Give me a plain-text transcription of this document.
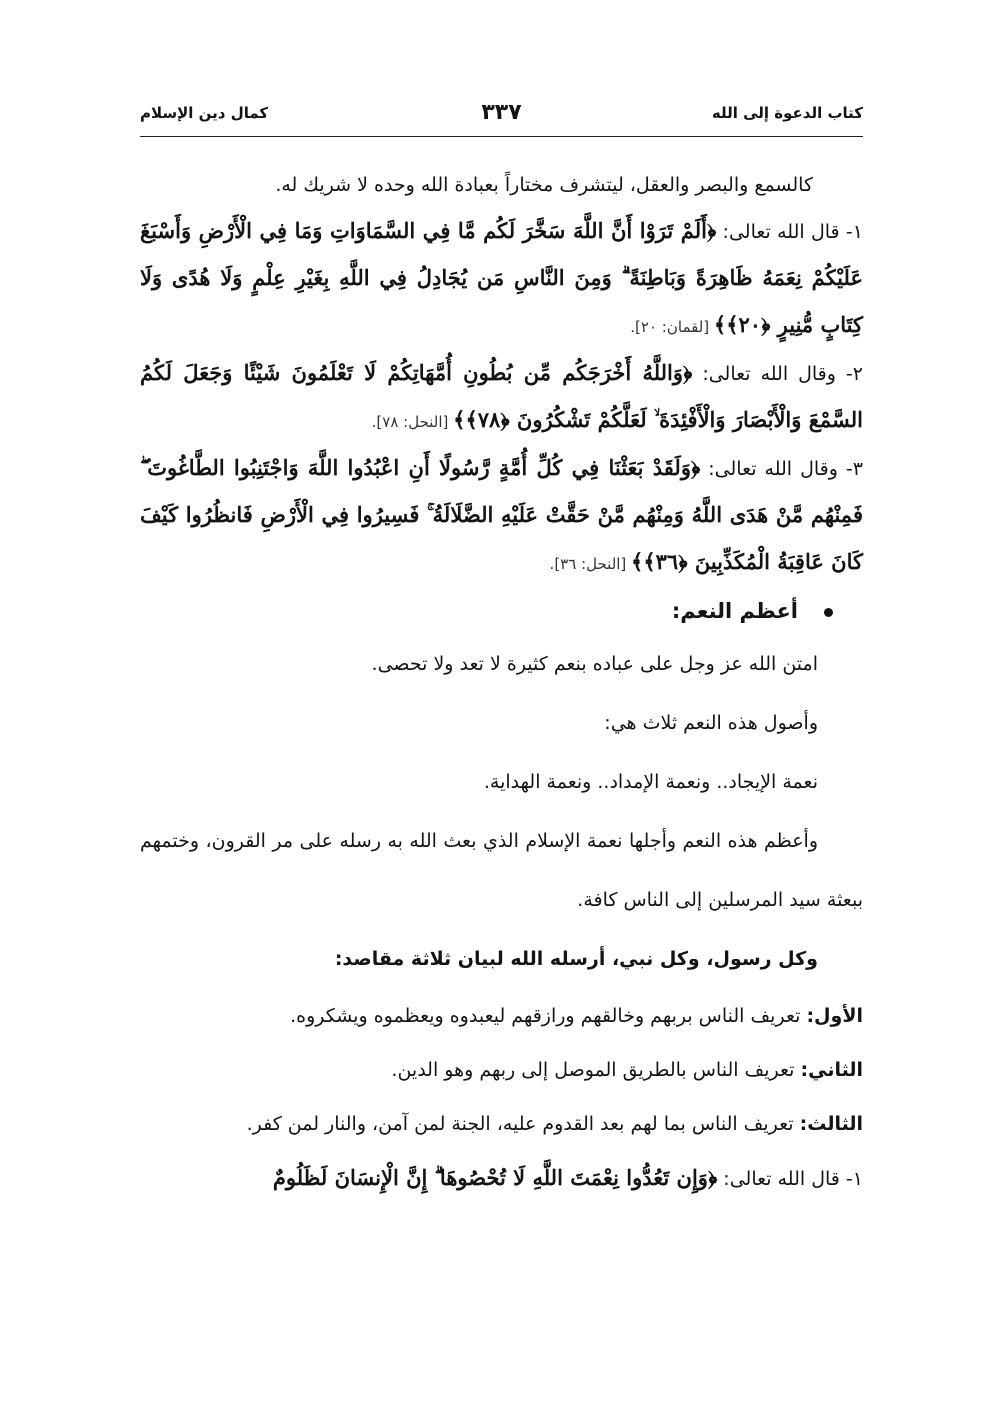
كتاب الدعوة إلى الله
٣٣٧
كمال دين الإسلام

كالسمع والبصر والعقل، ليتشرف مختاراً بعبادة الله وحده لا شريك له.

١- قال الله تعالى: ﴿أَلَمْ تَرَوْا أَنَّ اللَّهَ سَخَّرَ لَكُم مَّا فِي السَّمَاوَاتِ وَمَا فِي الْأَرْضِ وَأَسْبَغَ عَلَيْكُمْ نِعَمَهُ ظَاهِرَةً وَبَاطِنَةً ۗ وَمِنَ النَّاسِ مَن يُجَادِلُ فِي اللَّهِ بِغَيْرِ عِلْمٍ وَلَا هُدًى وَلَا كِتَابٍ مُّنِيرٍ ﴿٢٠﴾﴾ [لقمان: ٢٠].

٢- وقال الله تعالى: ﴿وَاللَّهُ أَخْرَجَكُم مِّن بُطُونِ أُمَّهَاتِكُمْ لَا تَعْلَمُونَ شَيْئًا وَجَعَلَ لَكُمُ السَّمْعَ وَالْأَبْصَارَ وَالْأَفْئِدَةَ ۙ لَعَلَّكُمْ تَشْكُرُونَ ﴿٧٨﴾﴾ [النحل: ٧٨].

٣- وقال الله تعالى: ﴿وَلَقَدْ بَعَثْنَا فِي كُلِّ أُمَّةٍ رَّسُولًا أَنِ اعْبُدُوا اللَّهَ وَاجْتَنِبُوا الطَّاغُوتَ ۖ فَمِنْهُم مَّنْ هَدَى اللَّهُ وَمِنْهُم مَّنْ حَقَّتْ عَلَيْهِ الضَّلَالَةُ ۚ فَسِيرُوا فِي الْأَرْضِ فَانظُرُوا كَيْفَ كَانَ عَاقِبَةُ الْمُكَذِّبِينَ ﴿٣٦﴾﴾ [النحل: ٣٦].

أعظم النعم:

امتن الله عز وجل على عباده بنعم كثيرة لا تعد ولا تحصى.

وأصول هذه النعم ثلاث هي:

نعمة الإيجاد.. ونعمة الإمداد.. ونعمة الهداية.

وأعظم هذه النعم وأجلها نعمة الإسلام الذي بعث الله به رسله على مر القرون، وختمهم ببعثة سيد المرسلين إلى الناس كافة.

وكل رسول، وكل نبي، أرسله الله لبيان ثلاثة مقاصد:

الأول: تعريف الناس بربهم وخالقهم ورازقهم ليعبدوه ويعظموه ويشكروه.

الثاني: تعريف الناس بالطريق الموصل إلى ربهم وهو الدين.

الثالث: تعريف الناس بما لهم بعد القدوم عليه، الجنة لمن آمن، والنار لمن كفر.

١- قال الله تعالى: ﴿وَإِن تَعُدُّوا نِعْمَتَ اللَّهِ لَا تُحْصُوهَا ۗ إِنَّ الْإِنسَانَ لَظَلُومٌ
